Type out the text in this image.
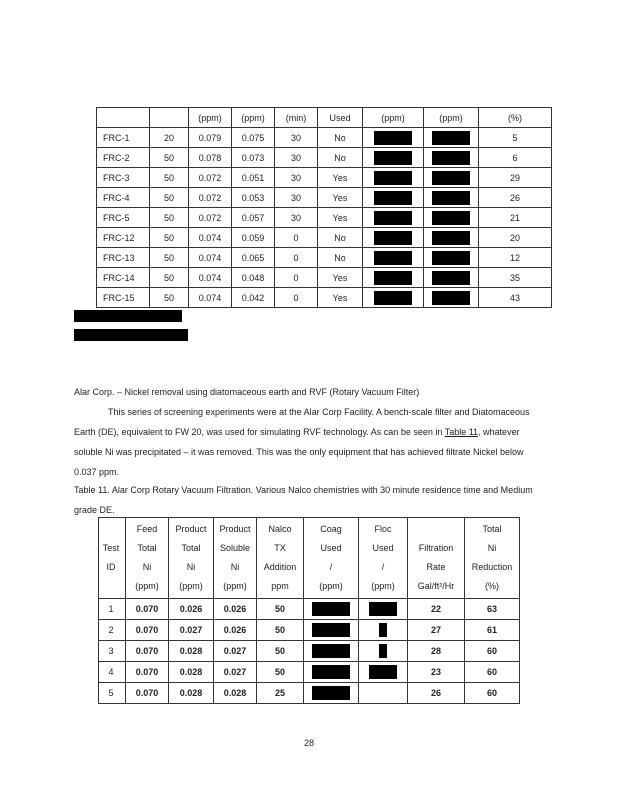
		(ppm)	(ppm)	(min)	Used	(ppm)	(ppm)	(%)
FRC-1	20	0.079	0.075	30	No			5
FRC-2	50	0.078	0.073	30	No			6
FRC-3	50	0.072	0.051	30	Yes			29
FRC-4	50	0.072	0.053	30	Yes			26
FRC-5	50	0.072	0.057	30	Yes			21
FRC-12	50	0.074	0.059	0	No			20
FRC-13	50	0.074	0.065	0	No			12
FRC-14	50	0.074	0.048	0	Yes			35
FRC-15	50	0.074	0.042	0	Yes			43
Alar Corp. – Nickel removal using diatomaceous earth and RVF (Rotary Vacuum Filter)
This series of screening experiments were at the Alar Corp Facility. A bench-scale filter and Diatomaceous Earth (DE), equivalent to FW 20, was used for simulating RVF technology. As can be seen in Table 11, whatever soluble Ni was precipitated – it was removed. This was the only equipment that has achieved filtrate Nickel below 0.037 ppm.
Table 11. Alar Corp Rotary Vacuum Filtration. Various Nalco chemistries with 30 minute residence time and Medium grade DE.
Test
ID	Feed
Total
Ni
(ppm)	Product
Total
Ni
(ppm)	Product
Soluble
Ni
(ppm)	Nalco
TX
Addition
ppm	Coag
Used
/
(ppm)	Floc
Used
/
(ppm)	Filtration
Rate
Gal/ft²/Hr	Total
Ni
Reduction
(%)
1	0.070	0.026	0.026	50			22	63
2	0.070	0.027	0.026	50			27	61
3	0.070	0.028	0.027	50			28	60
4	0.070	0.028	0.027	50			23	60
5	0.070	0.028	0.028	25			26	60
28
